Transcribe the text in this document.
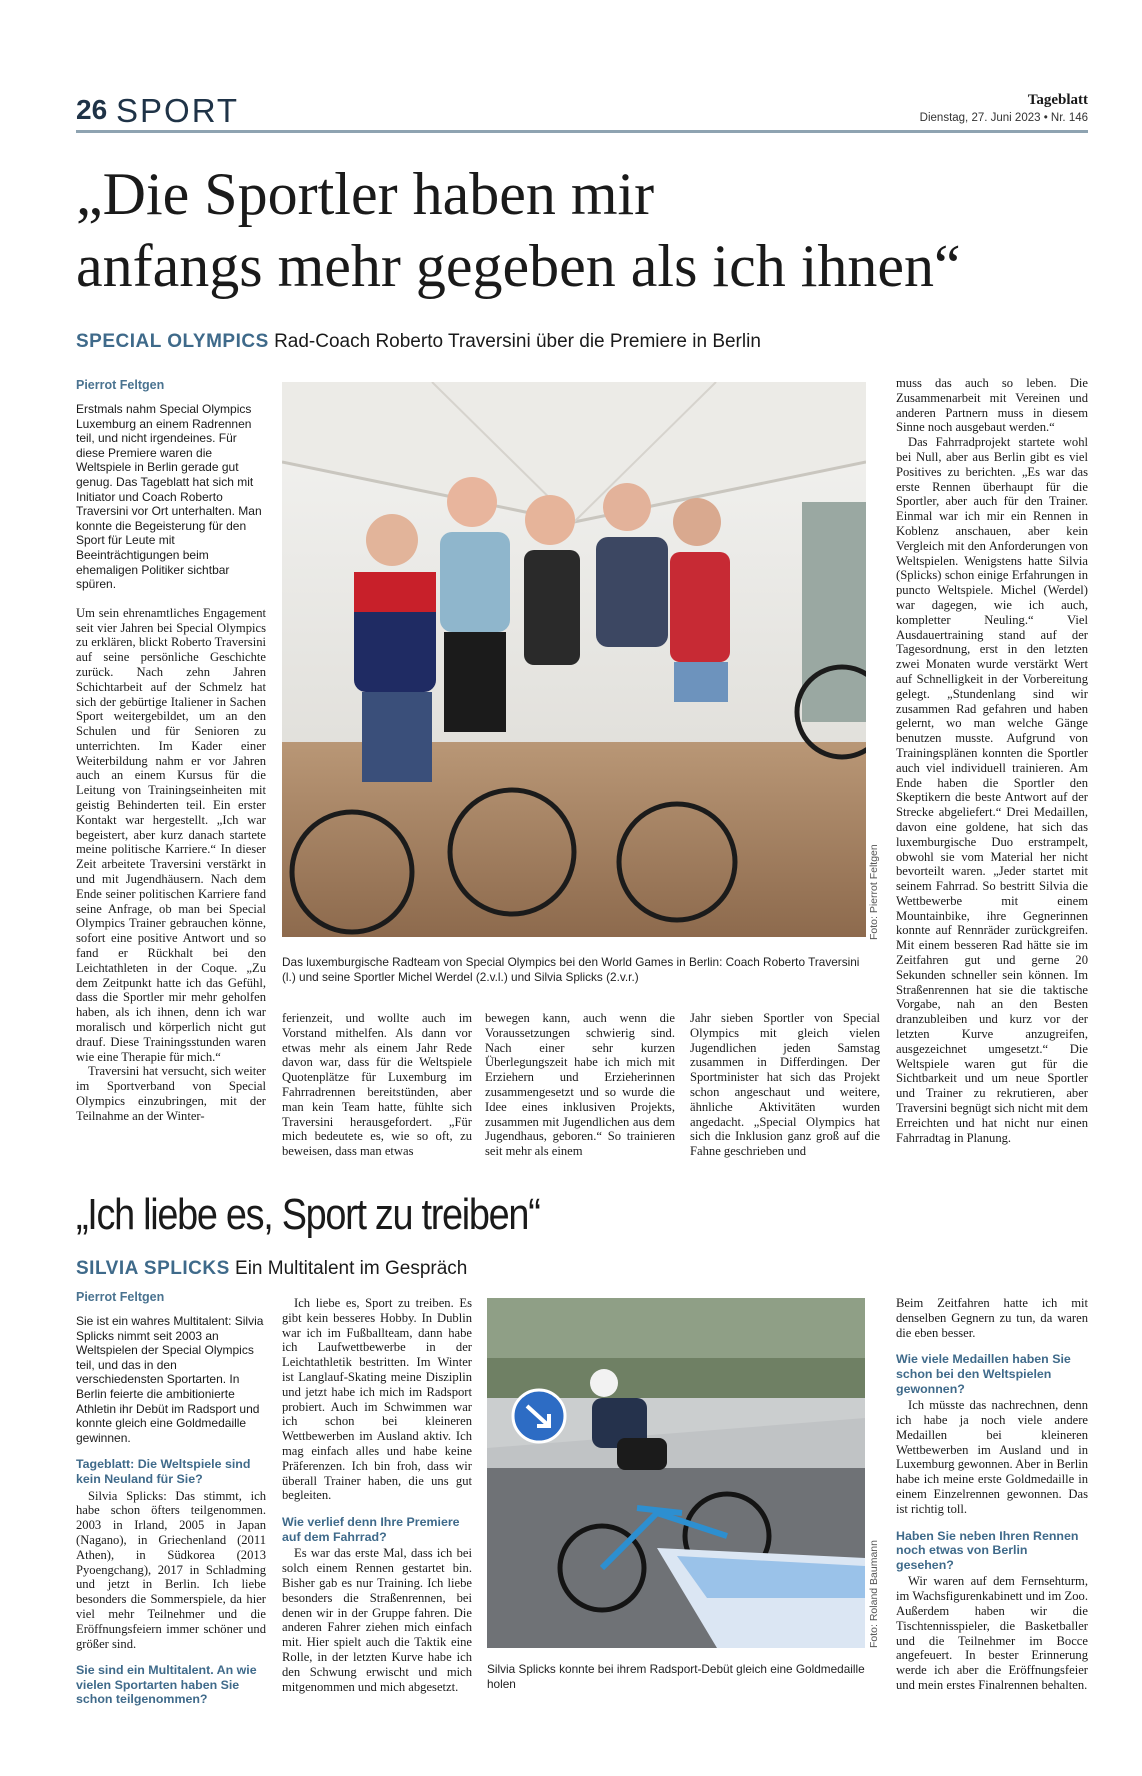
26 SPORT	Tageblatt
Dienstag, 27. Juni 2023 • Nr. 146
„Die Sportler haben mir
anfangs mehr gegeben als ich ihnen“
SPECIAL OLYMPICS Rad-Coach Roberto Traversini über die Premiere in Berlin
Pierrot Feltgen

Erstmals nahm Special Olympics Luxemburg an einem Radrennen teil, und nicht irgendeines. Für diese Premiere waren die Weltspiele in Berlin gerade gut genug. Das Tageblatt hat sich mit Initiator und Coach Roberto Traversini vor Ort unterhalten. Man konnte die Begeisterung für den Sport für Leute mit Beeinträchtigungen beim ehemaligen Politiker sichtbar spüren.

Um sein ehrenamtliches Engagement seit vier Jahren bei Special Olympics zu erklären, blickt Roberto Traversini auf seine persönliche Geschichte zurück. Nach zehn Jahren Schichtarbeit auf der Schmelz hat sich der gebürtige Italiener in Sachen Sport weitergebildet, um an den Schulen und für Senioren zu unterrichten. Im Kader einer Weiterbildung nahm er vor Jahren auch an einem Kursus für die Leitung von Trainingseinheiten mit geistig Behinderten teil. Ein erster Kontakt war hergestellt. „Ich war begeistert, aber kurz danach startete meine politische Karriere.“ In dieser Zeit arbeitete Traversini verstärkt in und mit Jugendhäusern. Nach dem Ende seiner politischen Karriere fand seine Anfrage, ob man bei Special Olympics Trainer gebrauchen könne, sofort eine positive Antwort und so fand er Rückhalt bei den Leichtathleten in der Coque. „Zu dem Zeitpunkt hatte ich das Gefühl, dass die Sportler mir mehr geholfen haben, als ich ihnen, denn ich war moralisch und körperlich nicht gut drauf. Diese Trainingsstunden waren wie eine Therapie für mich.“

Traversini hat versucht, sich weiter im Sportverband von Special Olympics einzubringen, mit der Teilnahme an der Winter-

Foto: Pierrot Feltgen
Das luxemburgische Radteam von Special Olympics bei den World Games in Berlin: Coach Roberto Traversini (l.) und seine Sportler Michel Werdel (2.v.l.) und Silvia Splicks (2.v.r.)

ferienzeit, und wollte auch im Vorstand mithelfen. Als dann vor etwas mehr als einem Jahr Rede davon war, dass für die Weltspiele Quotenplätze für Luxemburg im Fahrradrennen bereitstünden, aber man kein Team hatte, fühlte sich Traversini herausgefordert. „Für mich bedeutete es, wie so oft, zu beweisen, dass man etwas

bewegen kann, auch wenn die Voraussetzungen schwierig sind. Nach einer sehr kurzen Überlegungszeit habe ich mich mit Erziehern und Erzieherinnen zusammengesetzt und so wurde die Idee eines inklusiven Projekts, zusammen mit Jugendlichen aus dem Jugendhaus, geboren.“ So trainieren seit mehr als einem

Jahr sieben Sportler von Special Olympics mit gleich vielen Jugendlichen jeden Samstag zusammen in Differdingen. Der Sportminister hat sich das Projekt schon angeschaut und weitere, ähnliche Aktivitäten wurden angedacht. „Special Olympics hat sich die Inklusion ganz groß auf die Fahne geschrieben und

muss das auch so leben. Die Zusammenarbeit mit Vereinen und anderen Partnern muss in diesem Sinne noch ausgebaut werden.“

Das Fahrradprojekt startete wohl bei Null, aber aus Berlin gibt es viel Positives zu berichten. „Es war das erste Rennen überhaupt für die Sportler, aber auch für den Trainer. Einmal war ich mir ein Rennen in Koblenz anschauen, aber kein Vergleich mit den Anforderungen von Weltspielen. Wenigstens hatte Silvia (Splicks) schon einige Erfahrungen in puncto Weltspiele. Michel (Werdel) war dagegen, wie ich auch, kompletter Neuling.“ Viel Ausdauertraining stand auf der Tagesordnung, erst in den letzten zwei Monaten wurde verstärkt Wert auf Schnelligkeit in der Vorbereitung gelegt. „Stundenlang sind wir zusammen Rad gefahren und haben gelernt, wo man welche Gänge benutzen musste. Aufgrund von Trainingsplänen konnten die Sportler auch viel individuell trainieren. Am Ende haben die Sportler den Skeptikern die beste Antwort auf der Strecke abgeliefert.“ Drei Medaillen, davon eine goldene, hat sich das luxemburgische Duo erstrampelt, obwohl sie vom Material her nicht bevorteilt waren. „Jeder startet mit seinem Fahrrad. So bestritt Silvia die Wettbewerbe mit einem Mountainbike, ihre Gegnerinnen konnte auf Rennräder zurückgreifen. Mit einem besseren Rad hätte sie im Zeitfahren gut und gerne 20 Sekunden schneller sein können. Im Straßenrennen hat sie die taktische Vorgabe, nah an den Besten dranzubleiben und kurz vor der letzten Kurve anzugreifen, ausgezeichnet umgesetzt.“ Die Weltspiele waren gut für die Sichtbarkeit und um neue Sportler und Trainer zu rekrutieren, aber Traversini begnügt sich nicht mit dem Erreichten und hat nicht nur einen Fahrradtag in Planung.

„Ich liebe es, Sport zu treiben“
SILVIA SPLICKS Ein Multitalent im Gespräch
Pierrot Feltgen

Sie ist ein wahres Multitalent: Silvia Splicks nimmt seit 2003 an Weltspielen der Special Olympics teil, und das in den verschiedensten Sportarten. In Berlin feierte die ambitionierte Athletin ihr Debüt im Radsport und konnte gleich eine Goldmedaille gewinnen.

Tageblatt: Die Weltspiele sind kein Neuland für Sie?

Silvia Splicks: Das stimmt, ich habe schon öfters teilgenommen. 2003 in Irland, 2005 in Japan (Nagano), in Griechenland (2011 Athen), in Südkorea (2013 Pyoengchang), 2017 in Schladming und jetzt in Berlin. Ich liebe besonders die Sommerspiele, da hier viel mehr Teilnehmer und die Eröffnungsfeiern immer schöner und größer sind.

Sie sind ein Multitalent. An wie vielen Sportarten haben Sie schon teilgenommen?

Ich liebe es, Sport zu treiben. Es gibt kein besseres Hobby. In Dublin war ich im Fußballteam, dann habe ich Laufwettbewerbe in der Leichtathletik bestritten. Im Winter ist Langlauf-Skating meine Disziplin und jetzt habe ich mich im Radsport probiert. Auch im Schwimmen war ich schon bei kleineren Wettbewerben im Ausland aktiv. Ich mag einfach alles und habe keine Präferenzen. Ich bin froh, dass wir überall Trainer haben, die uns gut begleiten.

Wie verlief denn Ihre Premiere auf dem Fahrrad?

Es war das erste Mal, dass ich bei solch einem Rennen gestartet bin. Bisher gab es nur Training. Ich liebe besonders die Straßenrennen, bei denen wir in der Gruppe fahren. Die anderen Fahrer ziehen mich einfach mit. Hier spielt auch die Taktik eine Rolle, in der letzten Kurve habe ich den Schwung erwischt und mich mitgenommen und mich abgesetzt.

Foto: Roland Baumann
Silvia Splicks konnte bei ihrem Radsport-Debüt gleich eine Goldmedaille holen

Beim Zeitfahren hatte ich mit denselben Gegnern zu tun, da waren die eben besser.

Wie viele Medaillen haben Sie schon bei den Weltspielen gewonnen?

Ich müsste das nachrechnen, denn ich habe ja noch viele andere Medaillen bei kleineren Wettbewerben im Ausland und in Luxemburg gewonnen. Aber in Berlin habe ich meine erste Goldmedaille in einem Einzelrennen gewonnen. Das ist richtig toll.

Haben Sie neben Ihren Rennen noch etwas von Berlin gesehen?

Wir waren auf dem Fernsehturm, im Wachsfigurenkabinett und im Zoo. Außerdem haben wir die Tischtennisspieler, die Basketballer und die Teilnehmer im Bocce angefeuert. In bester Erinnerung werde ich aber die Eröffnungsfeier und mein erstes Finalrennen behalten.
